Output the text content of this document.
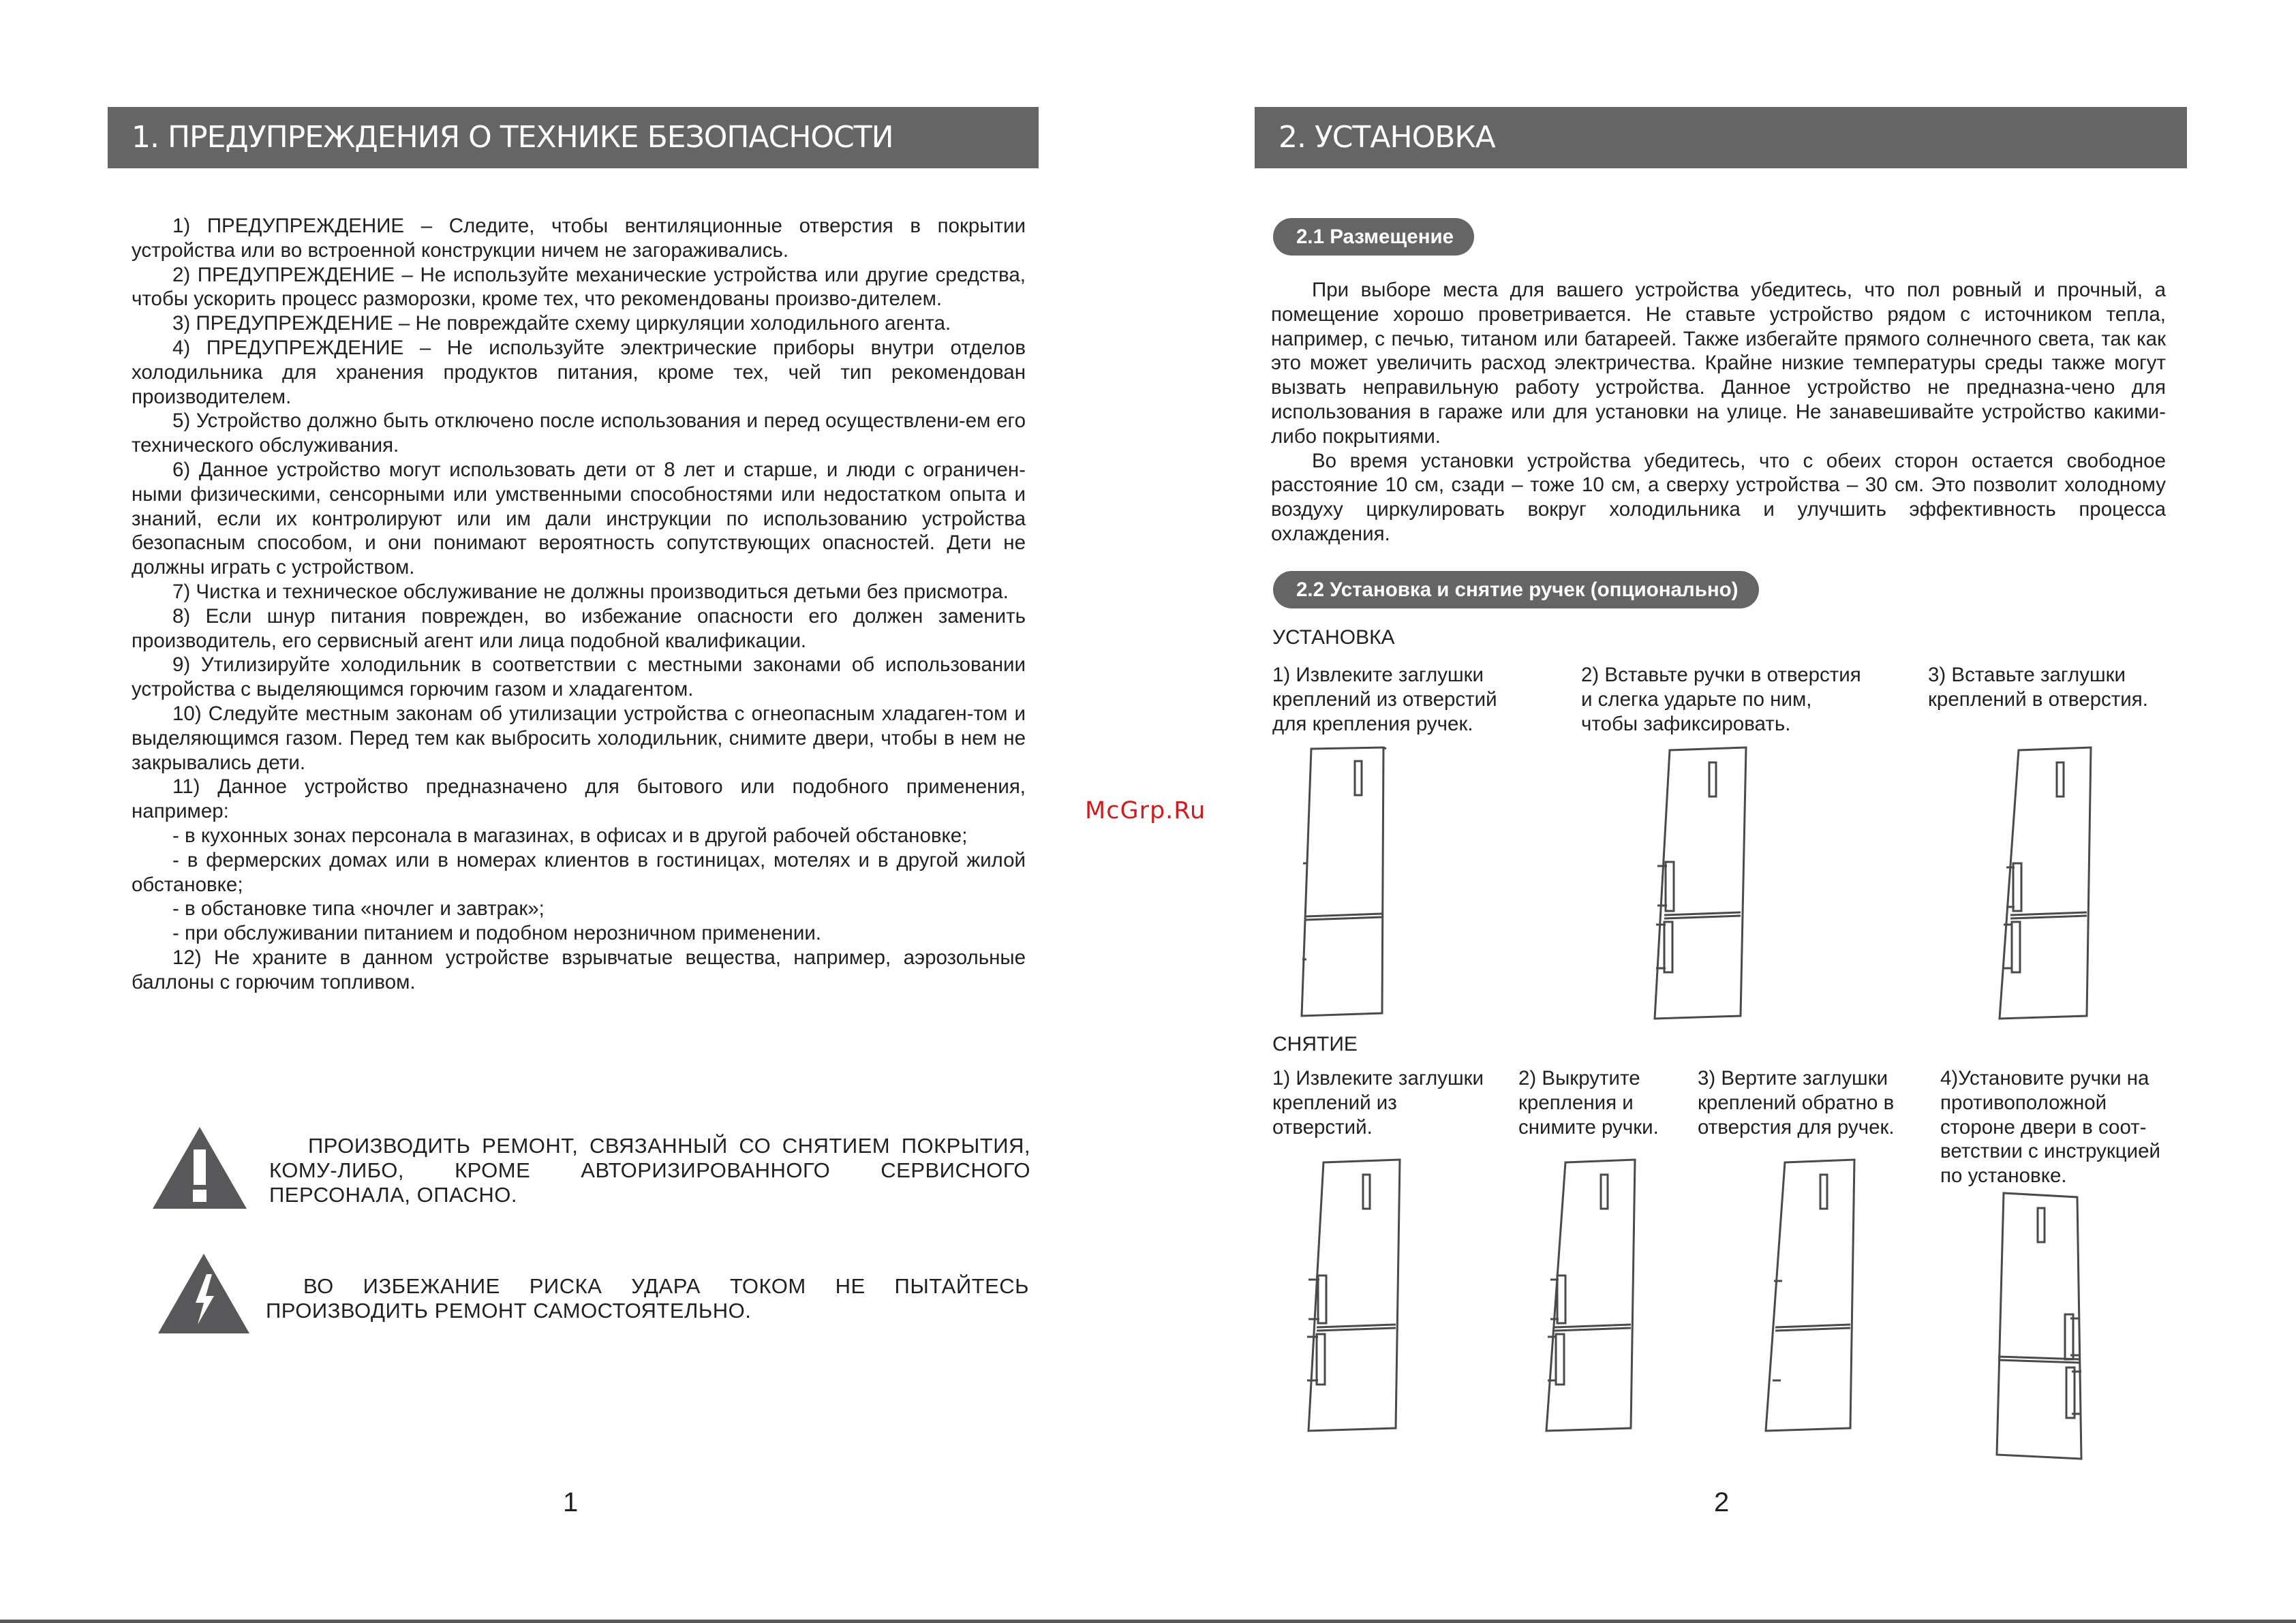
1. ПРЕДУПРЕЖДЕНИЯ О ТЕХНИКЕ БЕЗОПАСНОСТИ

1) ПРЕДУПРЕЖДЕНИЕ – Следите, чтобы вентиляционные отверстия в покрытии устройства или во встроенной конструкции ничем не загораживались.

2) ПРЕДУПРЕЖДЕНИЕ – Не используйте механические устройства или другие средства, чтобы ускорить процесс разморозки, кроме тех, что рекомендованы произво-дителем.

3) ПРЕДУПРЕЖДЕНИЕ – Не повреждайте схему циркуляции холодильного агента.

4) ПРЕДУПРЕЖДЕНИЕ – Не используйте электрические приборы внутри отделов холодильника для хранения продуктов питания, кроме тех, чей тип рекомендован производителем.

5) Устройство должно быть отключено после использования и перед осуществлени-ем его технического обслуживания.

6) Данное устройство могут использовать дети от 8 лет и старше, и люди с ограничен-ными физическими, сенсорными или умственными способностями или недостатком опыта и знаний, если их контролируют или им дали инструкции по использованию устройства безопасным способом, и они понимают вероятность сопутствующих опасностей. Дети не должны играть с устройством.

7) Чистка и техническое обслуживание не должны производиться детьми без присмотра.

8) Если шнур питания поврежден, во избежание опасности его должен заменить производитель, его сервисный агент или лица подобной квалификации.

9) Утилизируйте холодильник в соответствии с местными законами об использовании устройства с выделяющимся горючим газом и хладагентом.

10) Следуйте местным законам об утилизации устройства с огнеопасным хладаген-том и выделяющимся газом. Перед тем как выбросить холодильник, снимите двери, чтобы в нем не закрывались дети.

11) Данное устройство предназначено для бытового или подобного применения, например:

- в кухонных зонах персонала в магазинах, в офисах и в другой рабочей обстановке;

- в фермерских домах или в номерах клиентов в гостиницах, мотелях и в другой жилой обстановке;

- в обстановке типа «ночлег и завтрак»;

- при обслуживании питанием и подобном нерозничном применении.

12) Не храните в данном устройстве взрывчатые вещества, например, аэрозольные баллоны с горючим топливом.

ПРОИЗВОДИТЬ РЕМОНТ, СВЯЗАННЫЙ СО СНЯТИЕМ ПОКРЫТИЯ, КОМУ-ЛИБО, КРОМЕ АВТОРИЗИРОВАННОГО СЕРВИСНОГО ПЕРСОНАЛА, ОПАСНО.
ВО ИЗБЕЖАНИЕ РИСКА УДАРА ТОКОМ НЕ ПЫТАЙТЕСЬ ПРОИЗВОДИТЬ РЕМОНТ САМОСТОЯТЕЛЬНО.
1
McGrp.Ru
2. УСТАНОВКА
2.1 Размещение

При выборе места для вашего устройства убедитесь, что пол ровный и прочный, а помещение хорошо проветривается. Не ставьте устройство рядом с источником тепла, например, с печью, титаном или батареей. Также избегайте прямого солнечного света, так как это может увеличить расход электричества. Крайне низкие температуры среды также могут вызвать неправильную работу устройства. Данное устройство не предназна-чено для использования в гараже или для установки на улице. Не занавешивайте устройство какими-либо покрытиями.

Во время установки устройства убедитесь, что с обеих сторон остается свободное расстояние 10 см, сзади – тоже 10 см, а сверху устройства – 30 см. Это позволит холодному воздуху циркулировать вокруг холодильника и улучшить эффективность процесса охлаждения.

2.2 Установка и снятие ручек (опционально)
УСТАНОВКА
1) Извлеките заглушки
креплений из отверстий
для крепления ручек.
2) Вставьте ручки в отверстия
и слегка ударьте по ним,
чтобы зафиксировать.
3) Вставьте заглушки
креплений в отверстия.
СНЯТИЕ
1) Извлеките заглушки
креплений из
отверстий.
2) Выкрутите
крепления и
снимите ручки.
3) Вертите заглушки
креплений обратно в
отверстия для ручек.
4)Установите ручки на
противоположной
стороне двери в соот-
ветствии с инструкцией
по установке.
2
